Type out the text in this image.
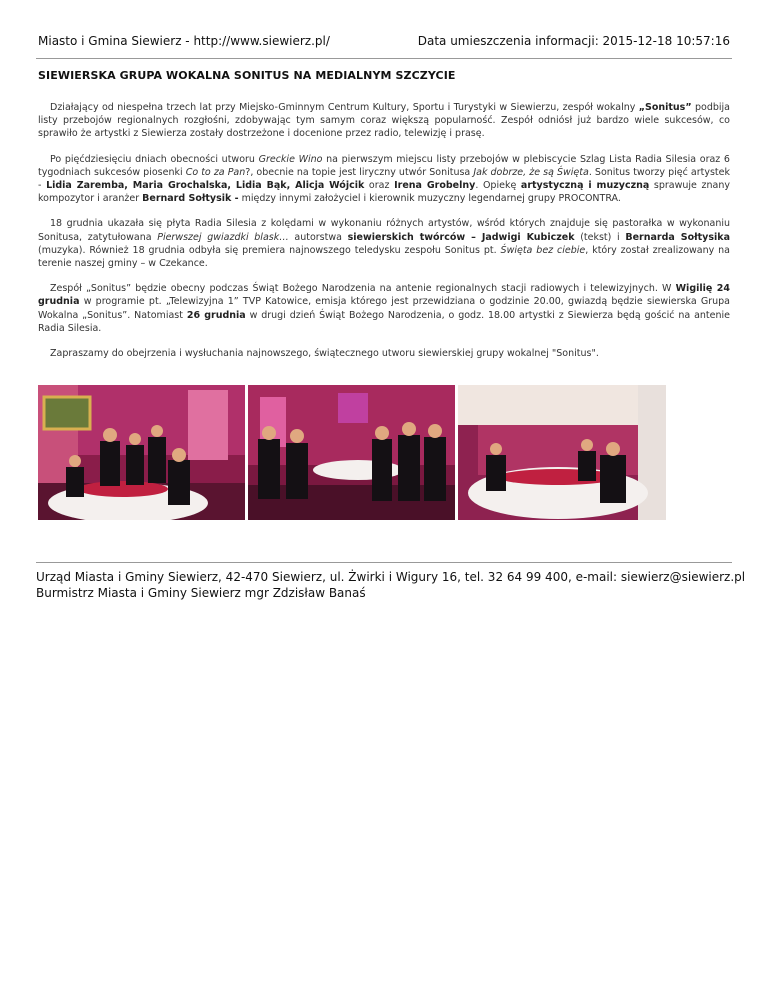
Miasto i Gmina Siewierz - http://www.siewierz.pl/	Data umieszczenia informacji: 2015-12-18 10:57:16
SIEWIERSKA GRUPA WOKALNA SONITUS NA MEDIALNYM SZCZYCIE

Działający od niespełna trzech lat przy Miejsko-Gminnym Centrum Kultury, Sportu i Turystyki w Siewierzu, zespół wokalny „Sonitus” podbija listy przebojów regionalnych rozgłośni, zdobywając tym samym coraz większą popularność. Zespół odniósł już bardzo wiele sukcesów, co sprawiło że artystki z Siewierza zostały dostrzeżone i docenione przez radio, telewizję i prasę.

Po pięćdziesięciu dniach obecności utworu Greckie Wino na pierwszym miejscu listy przebojów w plebiscycie Szlag Lista Radia Silesia oraz 6 tygodniach sukcesów piosenki Co to za Pan?, obecnie na topie jest liryczny utwór Sonitusa Jak dobrze, że są Święta. Sonitus tworzy pięć artystek - Lidia Zaremba, Maria Grochalska, Lidia Bąk, Alicja Wójcik oraz Irena Grobelny. Opiekę artystyczną i muzyczną sprawuje znany kompozytor i aranżer Bernard Sołtysik - między innymi założyciel i kierownik muzyczny legendarnej grupy PROCONTRA.

18 grudnia ukazała się płyta Radia Silesia z kolędami w wykonaniu różnych artystów, wśród których znajduje się pastorałka w wykonaniu Sonitusa, zatytułowana Pierwszej gwiazdki blask… autorstwa siewierskich twórców – Jadwigi Kubiczek (tekst) i Bernarda Sołtysika (muzyka). Również 18 grudnia odbyła się premiera najnowszego teledysku zespołu Sonitus pt. Święta bez ciebie, który został zrealizowany na terenie naszej gminy – w Czekance.

Zespół „Sonitus” będzie obecny podczas Świąt Bożego Narodzenia na antenie regionalnych stacji radiowych i telewizyjnych. W Wigilię 24 grudnia w programie pt. „Telewizyjna 1” TVP Katowice, emisja którego jest przewidziana o godzinie 20.00, gwiazdą będzie siewierska Grupa Wokalna „Sonitus”. Natomiast 26 grudnia w drugi dzień Świąt Bożego Narodzenia, o godz. 18.00 artystki z Siewierza będą gościć na antenie Radia Silesia.

Zapraszamy do obejrzenia i wysłuchania najnowszego, świątecznego utworu siewierskiej grupy wokalnej "Sonitus".

Urząd Miasta i Gminy Siewierz, 42-470 Siewierz, ul. Żwirki i Wigury 16, tel. 32 64 99 400, e-mail: siewierz@siewierz.pl
Burmistrz Miasta i Gminy Siewierz mgr Zdzisław Banaś
